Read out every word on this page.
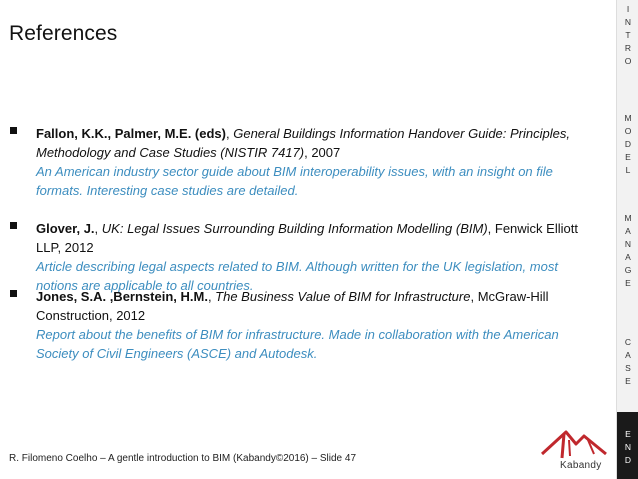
References
Fallon, K.K., Palmer, M.E. (eds), General Buildings Information Handover Guide: Principles, Methodology and Case Studies (NISTIR 7417), 2007
An American industry sector guide about BIM interoperability issues, with an insight on file formats. Interesting case studies are detailed.
Glover, J., UK: Legal Issues Surrounding Building Information Modelling (BIM), Fenwick Elliott LLP, 2012
Article describing legal aspects related to BIM. Although written for the UK legislation, most notions are applicable to all countries.
Jones, S.A. ,Bernstein, H.M., The Business Value of BIM for Infrastructure, McGraw-Hill Construction, 2012
Report about the benefits of BIM for infrastructure. Made in collaboration with the American Society of Civil Engineers (ASCE) and Autodesk.
R. Filomeno Coelho – A gentle introduction to BIM (Kabandy©2016) – Slide 47
Kabandy
I
N
T
R
O
M
O
D
E
L
M
A
N
A
G
E
C
A
S
E
E
N
D
